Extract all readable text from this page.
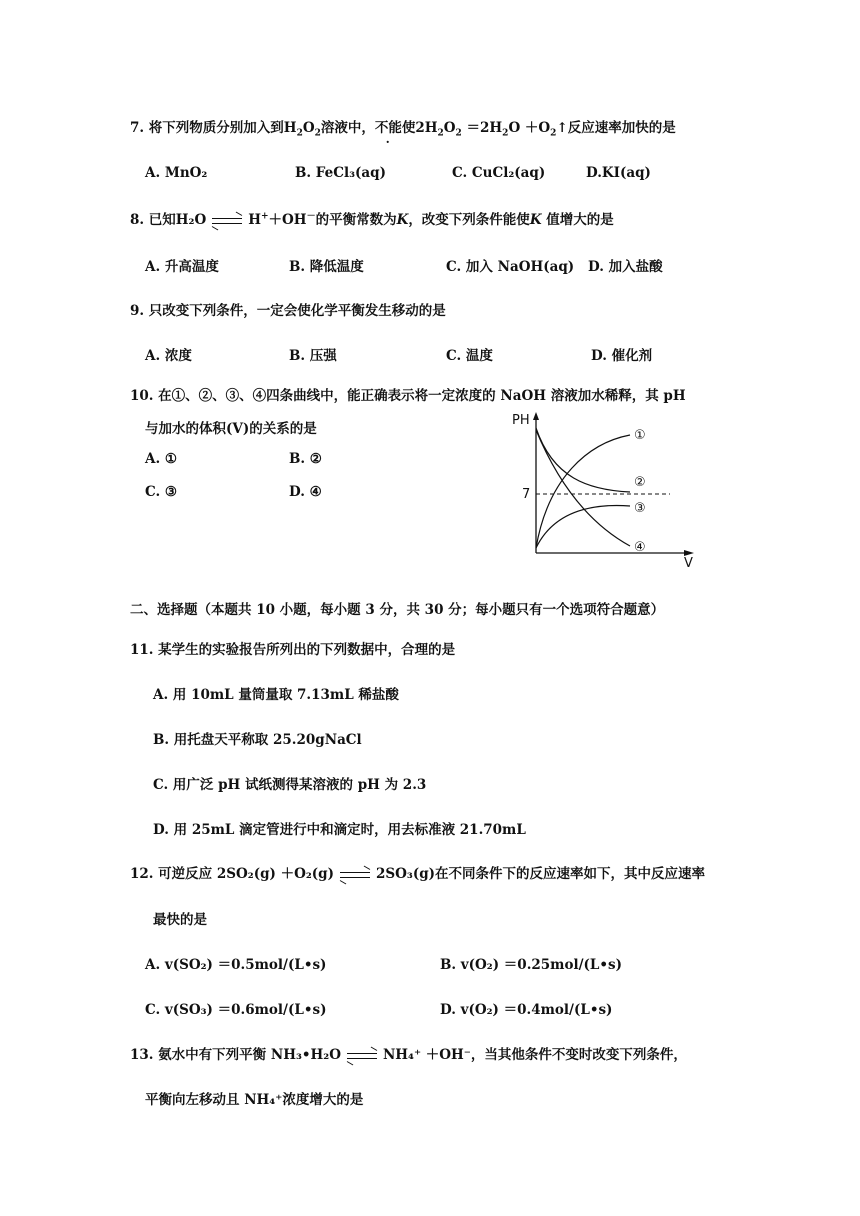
7. 将下列物质分别加入到$H_2O_2$溶液中，不能使$2H_2O_2 =2H_2O$ $+O_2↑$反应速率加快的是
A. MnO₂	B. FeCl₃(aq)	C. CuCl₂(aq)	D.KI(aq)
8. 已知H₂O	H+＋OH－的平衡常数为K，改变下列条件能使K 值增大的是
A. 升高温度	B. 降低温度	C. 加入 NaOH(aq) D. 加入盐酸
9. 只改变下列条件，一定会使化学平衡发生移动的是
A. 浓度	B. 压强	C. 温度	D. 催化剂
10. 在①、②、③、④四条曲线中，能正确表示将一定浓度的 NaOH 溶液加水稀释，其 pH
与加水的体积(V)的关系的是
A. ①	B. ②
C. ③	D. ④
PH
V
7
①
②
③
④
二、选择题（本题共 10 小题，每小题 3 分，共 30 分；每小题只有一个选项符合题意）
11. 某学生的实验报告所列出的下列数据中，合理的是
A. 用 10mL 量筒量取 7.13mL 稀盐酸
B. 用托盘天平称取 25.20gNaCl
C. 用广泛 pH 试纸测得某溶液的 pH 为 2.3
D. 用 25mL 滴定管进行中和滴定时，用去标准液 21.70mL
12. 可逆反应 2SO₂(g) ＋O₂(g)	2SO₃(g)在不同条件下的反应速率如下，其中反应速率
最快的是
A. v(SO₂) ＝0.5mol/(L•s)	B. v(O₂) ＝0.25mol/(L•s)
C. v(SO₃) ＝0.6mol/(L•s)	D. v(O₂) ＝0.4mol/(L•s)
13. 氨水中有下列平衡 NH₃•H₂O	NH₄⁺ ＋OH⁻，当其他条件不变时改变下列条件，
平衡向左移动且 NH₄⁺浓度增大的是
